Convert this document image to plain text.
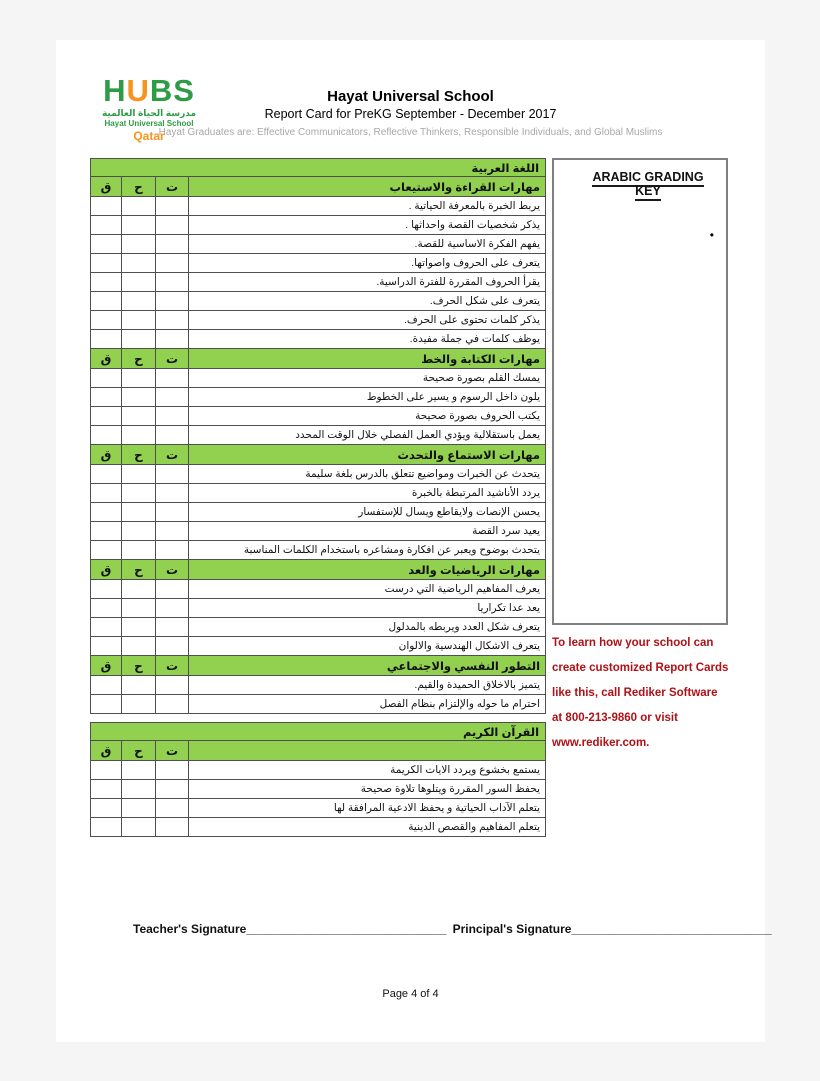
HUBS
مدرسة الحياة العالمية
Hayat Universal School
Qatar
Hayat Universal School
Report Card for PreKG September - December 2017
Hayat Graduates are: Effective Communicators, Reflective Thinkers, Responsible Individuals, and Global Muslims
اللغة العربية			
ق	ح	ت	مهارات القراءة والاستيعاب
			يربط الخبرة بالمعرفة الحياتية .
			يذكر شخصيات القصة واحداثها .
			يفهم الفكرة الاساسية للقصة.
			يتعرف على الحروف واصواتها.
			يقرأ الحروف المقررة للفترة الدراسية.
			يتعرف على شكل الحرف.
			يذكر كلمات تحتوى على الحرف.
			يوظف كلمات في جملة مفيدة.
ق	ح	ت	مهارات الكتابة والخط
			يمسك القلم بصورة صحيحة
			يلون داخل الرسوم و يسير على الخطوط
			يكتب الحروف بصورة صحيحة
			يعمل باستقلالية ويؤدي العمل الفصلي خلال الوقت المحدد
ق	ح	ت	مهارات الاستماع والتحدث
			يتحدث عن الخبرات ومواضيع تتعلق بالدرس بلغة سليمة
			يردد الأناشيد المرتبطة بالخبرة
			يحسن الإنصات ولايقاطع ويسال للإستفسار
			يعيد سرد القصة
			يتحدث بوضوح ويعبر عن افكارة ومشاعره باستخدام الكلمات المناسبة
ق	ح	ت	مهارات الرياضيات والعد
			يعرف المفاهيم الرياضية التي درست
			يعد عدا تكراريا
			يتعرف شكل العدد ويربطه بالمدلول
			يتعرف الاشكال الهندسية والالوان
ق	ح	ت	التطور النفسي والاجتماعي
			يتميز بالاخلاق الحميدة والقيم.
			احترام ما حوله والإلتزام بنظام الفصل
ARABIC GRADING KEY
•
To learn how your school can
create customized Report Cards
like this, call Rediker Software
at 800-213-9860 or visit
www.rediker.com.
القرآن الكريم			
ق	ح	ت	
			يستمع بخشوع ويردد الايات الكريمة
			يحفظ السور المقررة ويتلوها تلاوة صحيحة
			يتعلم الآداب الحياتية و يحفظ الادعية المرافقة لها
			يتعلم المفاهيم والقصص الدينية
Teacher's Signature______________________________ Principal's Signature______________________________
Page 4 of 4
